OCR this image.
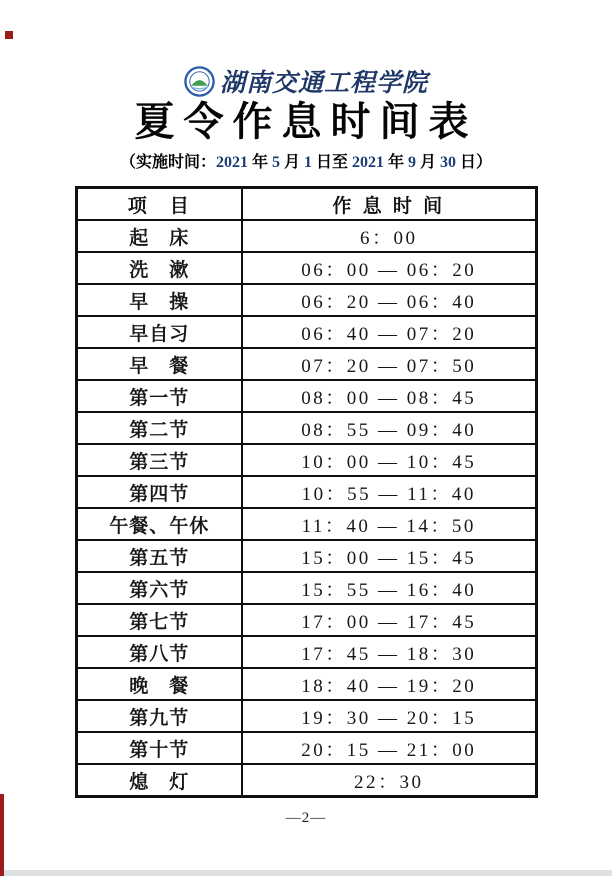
湖南交通工程学院
夏令作息时间表
（实施时间：2021 年 5 月 1 日至 2021 年 9 月 30 日）
项　目	作 息 时 间
起　床	6：00
洗　漱	06：00 — 06：20
早　操	06：20 — 06：40
早自习	06：40 — 07：20
早　餐	07：20 — 07：50
第一节	08：00 — 08：45
第二节	08：55 — 09：40
第三节	10：00 — 10：45
第四节	10：55 — 11：40
午餐、午休	11：40 — 14：50
第五节	15：00 — 15：45
第六节	15：55 — 16：40
第七节	17：00 — 17：45
第八节	17：45 — 18：30
晚　餐	18：40 — 19：20
第九节	19：30 — 20：15
第十节	20：15 — 21：00
熄　灯	22：30
—2—
